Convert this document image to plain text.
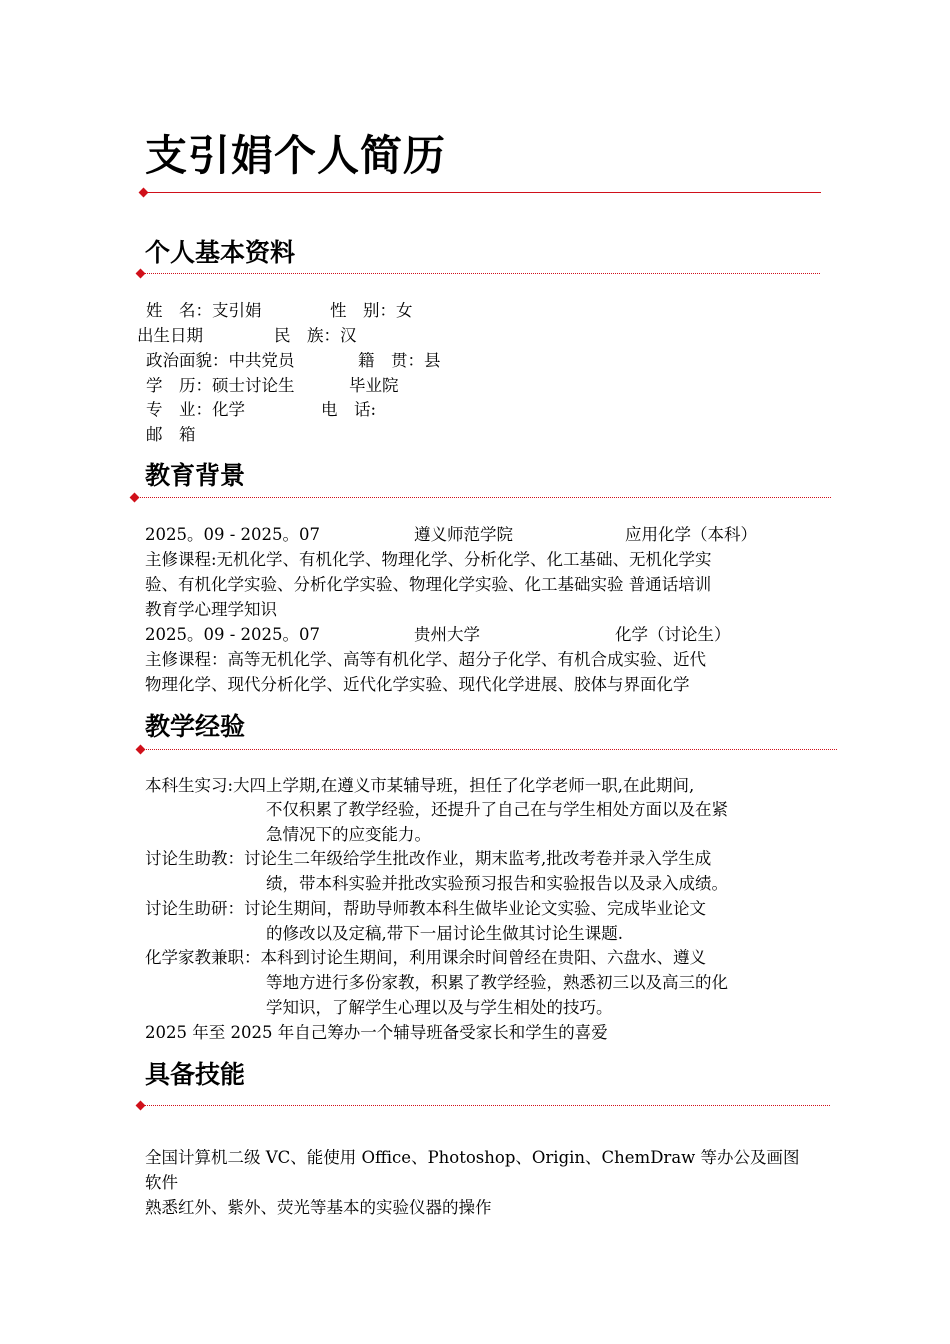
支引娟个人简历
个人基本资料
姓　名：支引娟	性　别：女
出生日期	民　族：汉
政治面貌：中共党员	籍　贯：县
学　历：硕士讨论生	毕业院
专　业：化学	电　话:
邮　箱
教育背景
2025。09 - 2025。07	遵义师范学院	应用化学（本科）
主修课程:无机化学、有机化学、物理化学、分析化学、化工基础、无机化学实
验、有机化学实验、分析化学实验、物理化学实验、化工基础实验 普通话培训
教育学心理学知识
2025。09 - 2025。07	贵州大学	化学（讨论生）
主修课程：高等无机化学、高等有机化学、超分子化学、有机合成实验、近代
物理化学、现代分析化学、近代化学实验、现代化学进展、胶体与界面化学
教学经验
本科生实习:大四上学期,在遵义市某辅导班，担任了化学老师一职,在此期间,
不仅积累了教学经验，还提升了自己在与学生相处方面以及在紧
急情况下的应变能力。
讨论生助教：讨论生二年级给学生批改作业，期末监考,批改考卷并录入学生成
绩，带本科实验并批改实验预习报告和实验报告以及录入成绩。
讨论生助研：讨论生期间，帮助导师教本科生做毕业论文实验、完成毕业论文
的修改以及定稿,带下一届讨论生做其讨论生课题.
化学家教兼职：本科到讨论生期间，利用课余时间曾经在贵阳、六盘水、遵义
等地方进行多份家教，积累了教学经验，熟悉初三以及高三的化
学知识，了解学生心理以及与学生相处的技巧。
2025 年至 2025 年自己筹办一个辅导班备受家长和学生的喜爱
具备技能
全国计算机二级 VC、能使用 Office、Photoshop、Origin、ChemDraw 等办公及画图
软件
熟悉红外、紫外、荧光等基本的实验仪器的操作
